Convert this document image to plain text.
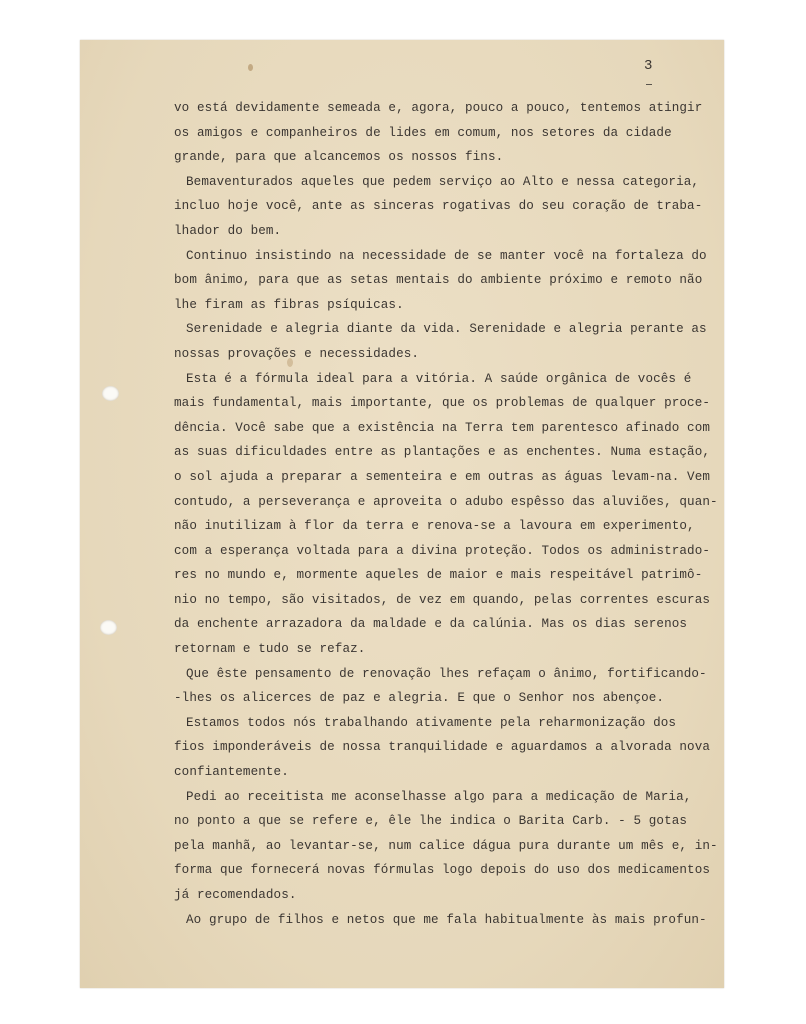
3
vo está devidamente semeada e, agora, pouco a pouco, tentemos atingir
os amigos e companheiros de lides em comum, nos setores da cidade
grande, para que alcancemos os nossos fins.
Bemaventurados aqueles que pedem serviço ao Alto e nessa categoria,
incluo hoje você, ante as sinceras rogativas do seu coração de traba-
lhador do bem.
Continuo insistindo na necessidade de se manter você na fortaleza do
bom ânimo, para que as setas mentais do ambiente próximo e remoto não
lhe firam as fibras psíquicas.
Serenidade e alegria diante da vida. Serenidade e alegria perante as
nossas provações e necessidades.
Esta é a fórmula ideal para a vitória. A saúde orgânica de vocês é
mais fundamental, mais importante, que os problemas de qualquer proce-
dência. Você sabe que a existência na Terra tem parentesco afinado com
as suas dificuldades entre as plantações e as enchentes. Numa estação,
o sol ajuda a preparar a sementeira e em outras as águas levam-na. Vem
contudo, a perseverança e aproveita o adubo espêsso das aluviões, quan-
não inutilizam à flor da terra e renova-se a lavoura em experimento,
com a esperança voltada para a divina proteção. Todos os administrado-
res no mundo e, mormente aqueles de maior e mais respeitável patrimô-
nio no tempo, são visitados, de vez em quando, pelas correntes escuras
da enchente arrazadora da maldade e da calúnia. Mas os dias serenos
retornam e tudo se refaz.
Que êste pensamento de renovação lhes refaçam o ânimo, fortificando-
-lhes os alicerces de paz e alegria. E que o Senhor nos abençoe.
Estamos todos nós trabalhando ativamente pela reharmonização dos
fios imponderáveis de nossa tranquilidade e aguardamos a alvorada nova
confiantemente.
Pedi ao receitista me aconselhasse algo para a medicação de Maria,
no ponto a que se refere e, êle lhe indica o Barita Carb. - 5 gotas
pela manhã, ao levantar-se, num calice dágua pura durante um mês e, in-
forma que fornecerá novas fórmulas logo depois do uso dos medicamentos
já recomendados.
Ao grupo de filhos e netos que me fala habitualmente às mais profun-
